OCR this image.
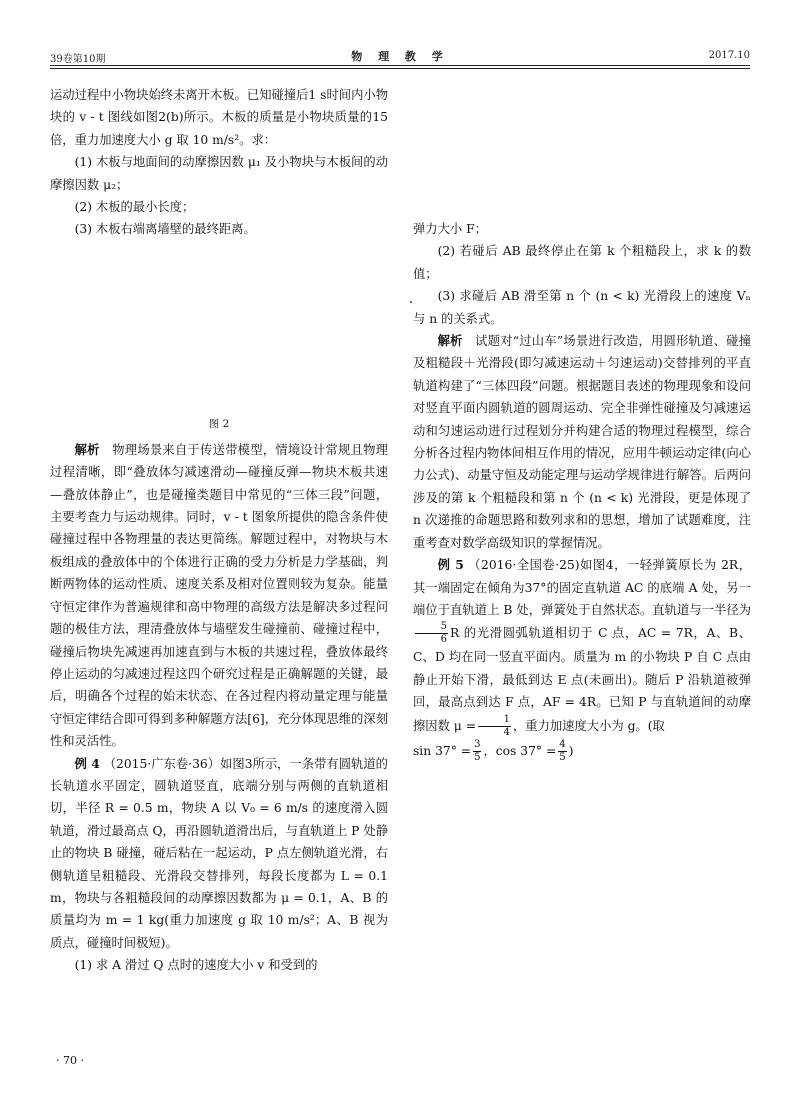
39卷第10期	物 理 教 学	2017.10

运动过程中小物块始终未离开木板。已知碰撞后1 s时间内小物块的 v - t 图线如图2(b)所示。木板的质量是小物块质量的15倍，重力加速度大小 g 取 10 m/s²。求：

(1) 木板与地面间的动摩擦因数 μ₁ 及小物块与木板间的动摩擦因数 μ₂；

(2) 木板的最小长度；

(3) 木板右端离墙壁的最终距离。

图 2

解析  物理场景来自于传送带模型，情境设计常规且物理过程清晰，即“叠放体匀减速滑动—碰撞反弹—物块木板共速—叠放体静止”，也是碰撞类题目中常见的“三体三段”问题，主要考查力与运动规律。同时，v - t 图象所提供的隐含条件使碰撞过程中各物理量的表达更简练。解题过程中，对物块与木板组成的叠放体中的个体进行正确的受力分析是力学基础，判断两物体的运动性质、速度关系及相对位置则较为复杂。能量守恒定律作为普遍规律和高中物理的高级方法是解决多过程问题的极佳方法，理清叠放体与墙壁发生碰撞前、碰撞过程中，碰撞后物块先减速再加速直到与木板的共速过程，叠放体最终停止运动的匀减速过程这四个研究过程是正确解题的关键，最后，明确各个过程的始末状态、在各过程内将动量定理与能量守恒定律结合即可得到多种解题方法[6]，充分体现思维的深刻性和灵活性。

例 4 （2015·广东卷·36）如图3所示，一条带有圆轨道的长轨道水平固定，圆轨道竖直，底端分别与两侧的直轨道相切，半径 R = 0.5 m，物块 A 以 V₀ = 6 m/s 的速度滑入圆轨道，滑过最高点 Q，再沿圆轨道滑出后，与直轨道上 P 处静止的物块 B 碰撞，碰后粘在一起运动，P 点左侧轨道光滑，右侧轨道呈粗糙段、光滑段交替排列，每段长度都为 L = 0.1 m，物块与各粗糙段间的动摩擦因数都为 μ = 0.1，A、B 的质量均为 m = 1 kg(重力加速度 g 取 10 m/s²；A、B 视为质点，碰撞时间极短)。

(1) 求 A 滑过 Q 点时的速度大小 v 和受到的

弹力大小 F；

(2) 若碰后 AB 最终停止在第 k 个粗糙段上，求 k 的数值；

(3) 求碰后 AB 滑至第 n 个 (n < k) 光滑段上的速度 Vₙ 与 n 的关系式。

解析  试题对“过山车”场景进行改造，用圆形轨道、碰撞及粗糙段＋光滑段(即匀减速运动＋匀速运动)交替排列的平直轨道构建了“三体四段”问题。根据题目表述的物理现象和设问对竖直平面内圆轨道的圆周运动、完全非弹性碰撞及匀减速运动和匀速运动进行过程划分并构建合适的物理过程模型，综合分析各过程内物体间相互作用的情况，应用牛顿运动定律(向心力公式)、动量守恒及动能定理与运动学规律进行解答。后两问涉及的第 k 个粗糙段和第 n 个 (n < k) 光滑段，更是体现了 n 次递推的命题思路和数列求和的思想，增加了试题难度，注重考查对数学高级知识的掌握情况。

例 5 （2016·全国卷·25)如图4，一轻弹簧原长为 2R，其一端固定在倾角为37°的固定直轨道 AC 的底端 A 处，另一端位于直轨道上 B 处，弹簧处于自然状态。直轨道与一半径为
$\frac{5}{6}$ R 的光滑圆弧轨道相切于 C 点，AC = 7R，A、B、C、D 均在同一竖直平面内。质量为 m 的小物块 P 自 C 点由静止开始下滑，最低到达 E 点(未画出)。随后 P 沿轨道被弹回，最高点到达 F 点，AF = 4R。已知 P 与直轨道间的动摩擦因数 $\mu = \frac{1}{4}$ ，重力加速度大小为 g。(取

$\sin 37^\circ = \frac{3}{5}$ ，$\cos 37^\circ = \frac{4}{5}$ )

· 70 ·
